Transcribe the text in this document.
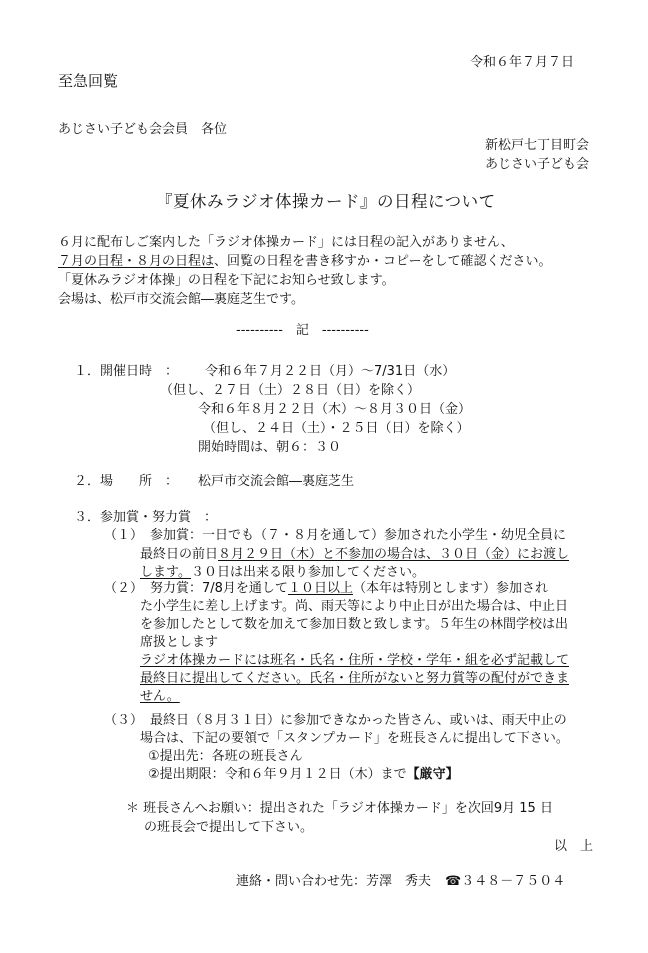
令和６年７月７日
至急回覧
あじさい子ども会会員　各位
新松戸七丁目町会
あじさい子ども会
『夏休みラジオ体操カード』の日程について
６月に配布しご案内した「ラジオ体操カード」には日程の記入がありません、
７月の日程・８月の日程は、回覧の日程を書き移すか・コピーをして確認ください。
「夏休みラジオ体操」の日程を下記にお知らせ致します。
会場は、松戸市交流会館―裏庭芝生です。
----------　記　----------
１．開催日時　： 令和６年７月２２日（月）～7/31日（水）
（但し、２７日（土）２８日（日）を除く）
令和６年８月２２日（木）～８月３０日（金）
（但し、２４日（土）・２５日（日）を除く）
開始時間は、朝６：３０
２．場　　所　： 松戸市交流会館―裏庭芝生
３．参加賞・努力賞　：
（１） 参加賞：一日でも（７・８月を通して）参加された小学生・幼児全員に
最終日の前日８月２９日（木）と不参加の場合は、３０日（金）にお渡し
します。３０日は出来る限り参加してください。
（２） 努力賞：7/8月を通して１０日以上（本年は特別とします）参加され
た小学生に差し上げます。尚、雨天等により中止日が出た場合は、中止日
を参加したとして数を加えて参加日数と致します。５年生の林間学校は出
席扱とします
ラジオ体操カードには班名・氏名・住所・学校・学年・組を必ず記載して
最終日に提出してください。氏名・住所がないと努力賞等の配付ができま
せん。
（３） 最終日（８月３１日）に参加できなかった皆さん、或いは、雨天中止の
場合は、下記の要領で「スタンプカード」を班長さんに提出して下さい。
①提出先：各班の班長さん
②提出期限：令和６年９月１２日（木）まで【厳守】
＊ 班長さんへお願い：提出された「ラジオ体操カード」を次回9月 15 日
の班長会で提出して下さい。
以　上
連絡・問い合わせ先：芳澤　秀夫 ☎３４８－７５０４
